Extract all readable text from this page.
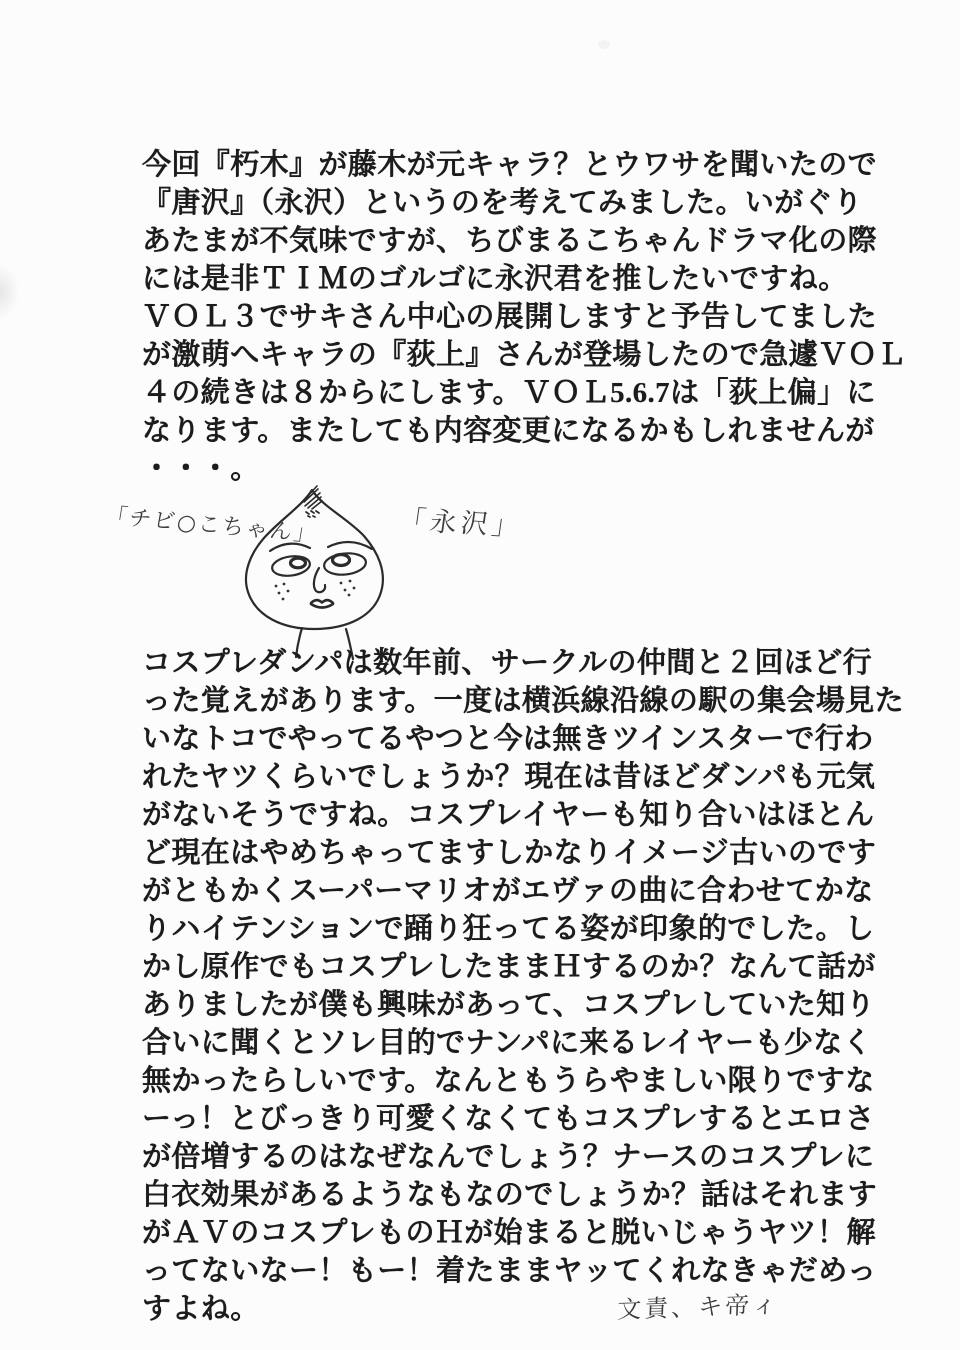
今回『朽木』が藤木が元キャラ？とウワサを聞いたので
『唐沢』（永沢）というのを考えてみました。いがぐり
あたまが不気味ですが、ちびまるこちゃんドラマ化の際
には是非ＴＩＭのゴルゴに永沢君を推したいですね。
ＶＯＬ３でサキさん中心の展開しますと予告してました
が激萌へキャラの『荻上』さんが登場したので急遽ＶＯＬ
４の続きは８からにします。ＶＯＬ5.6.7は「荻上偏」に
なります。またしても内容変更になるかもしれませんが
・・・。
「チビ○こちゃん」	「永沢」
コスプレダンパは数年前、サークルの仲間と２回ほど行
った覚えがあります。一度は横浜線沿線の駅の集会場見た
いなトコでやってるやつと今は無きツインスターで行わ
れたヤツくらいでしょうか？現在は昔ほどダンパも元気
がないそうですね。コスプレイヤーも知り合いはほとん
ど現在はやめちゃってますしかなりイメージ古いのです
がともかくスーパーマリオがエヴァの曲に合わせてかな
りハイテンションで踊り狂ってる姿が印象的でした。し
かし原作でもコスプレしたままＨするのか？なんて話が
ありましたが僕も興味があって、コスプレしていた知り
合いに聞くとソレ目的でナンパに来るレイヤーも少なく
無かったらしいです。なんともうらやましい限りですな
ーっ！とびっきり可愛くなくてもコスプレするとエロさ
が倍増するのはなぜなんでしょう？ナースのコスプレに
白衣効果があるようなもなのでしょうか？話はそれます
がＡＶのコスプレものＨが始まると脱いじゃうヤツ！解
ってないなー！もー！着たままヤッてくれなきゃだめっ
すよね。	文責、キ帝ィ
